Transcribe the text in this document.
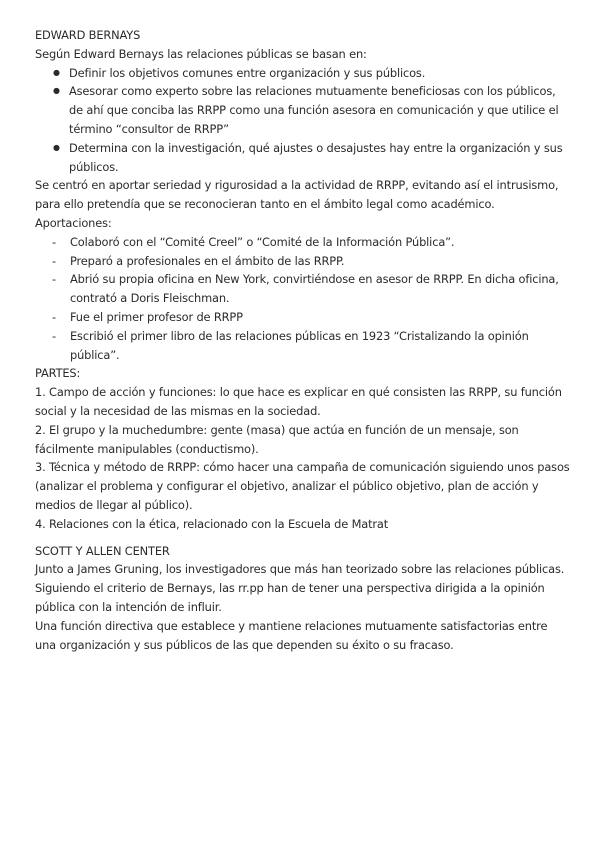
EDWARD BERNAYS

Según Edward Bernays las relaciones públicas se basan en:

● Definir los objetivos comunes entre organización y sus públicos.
● Asesorar como experto sobre las relaciones mutuamente beneficiosas con los públicos, de ahí que conciba las RRPP como una función asesora en comunicación y que utilice el término “consultor de RRPP”
● Determina con la investigación, qué ajustes o desajustes hay entre la organización y sus públicos.

Se centró en aportar seriedad y rigurosidad a la actividad de RRPP, evitando así el intrusismo, para ello pretendía que se reconocieran tanto en el ámbito legal como académico.

Aportaciones:

- Colaboró con el “Comité Creel” o “Comité de la Información Pública”.
- Preparó a profesionales en el ámbito de las RRPP.
- Abrió su propia oficina en New York, convirtiéndose en asesor de RRPP. En dicha oficina, contrató a Doris Fleischman.
- Fue el primer profesor de RRPP
- Escribió el primer libro de las relaciones públicas en 1923 “Cristalizando la opinión pública”.

PARTES:

1. Campo de acción y funciones: lo que hace es explicar en qué consisten las RRPP, su función social y la necesidad de las mismas en la sociedad.

2. El grupo y la muchedumbre: gente (masa) que actúa en función de un mensaje, son fácilmente manipulables (conductismo).

3. Técnica y método de RRPP: cómo hacer una campaña de comunicación siguiendo unos pasos (analizar el problema y configurar el objetivo, analizar el público objetivo, plan de acción y medios de llegar al público).

4. Relaciones con la ética, relacionado con la Escuela de Matrat

SCOTT Y ALLEN CENTER

Junto a James Gruning, los investigadores que más han teorizado sobre las relaciones públicas.

Siguiendo el criterio de Bernays, las rr.pp han de tener una perspectiva dirigida a la opinión pública con la intención de influir.

Una función directiva que establece y mantiene relaciones mutuamente satisfactorias entre una organización y sus públicos de las que dependen su éxito o su fracaso.
